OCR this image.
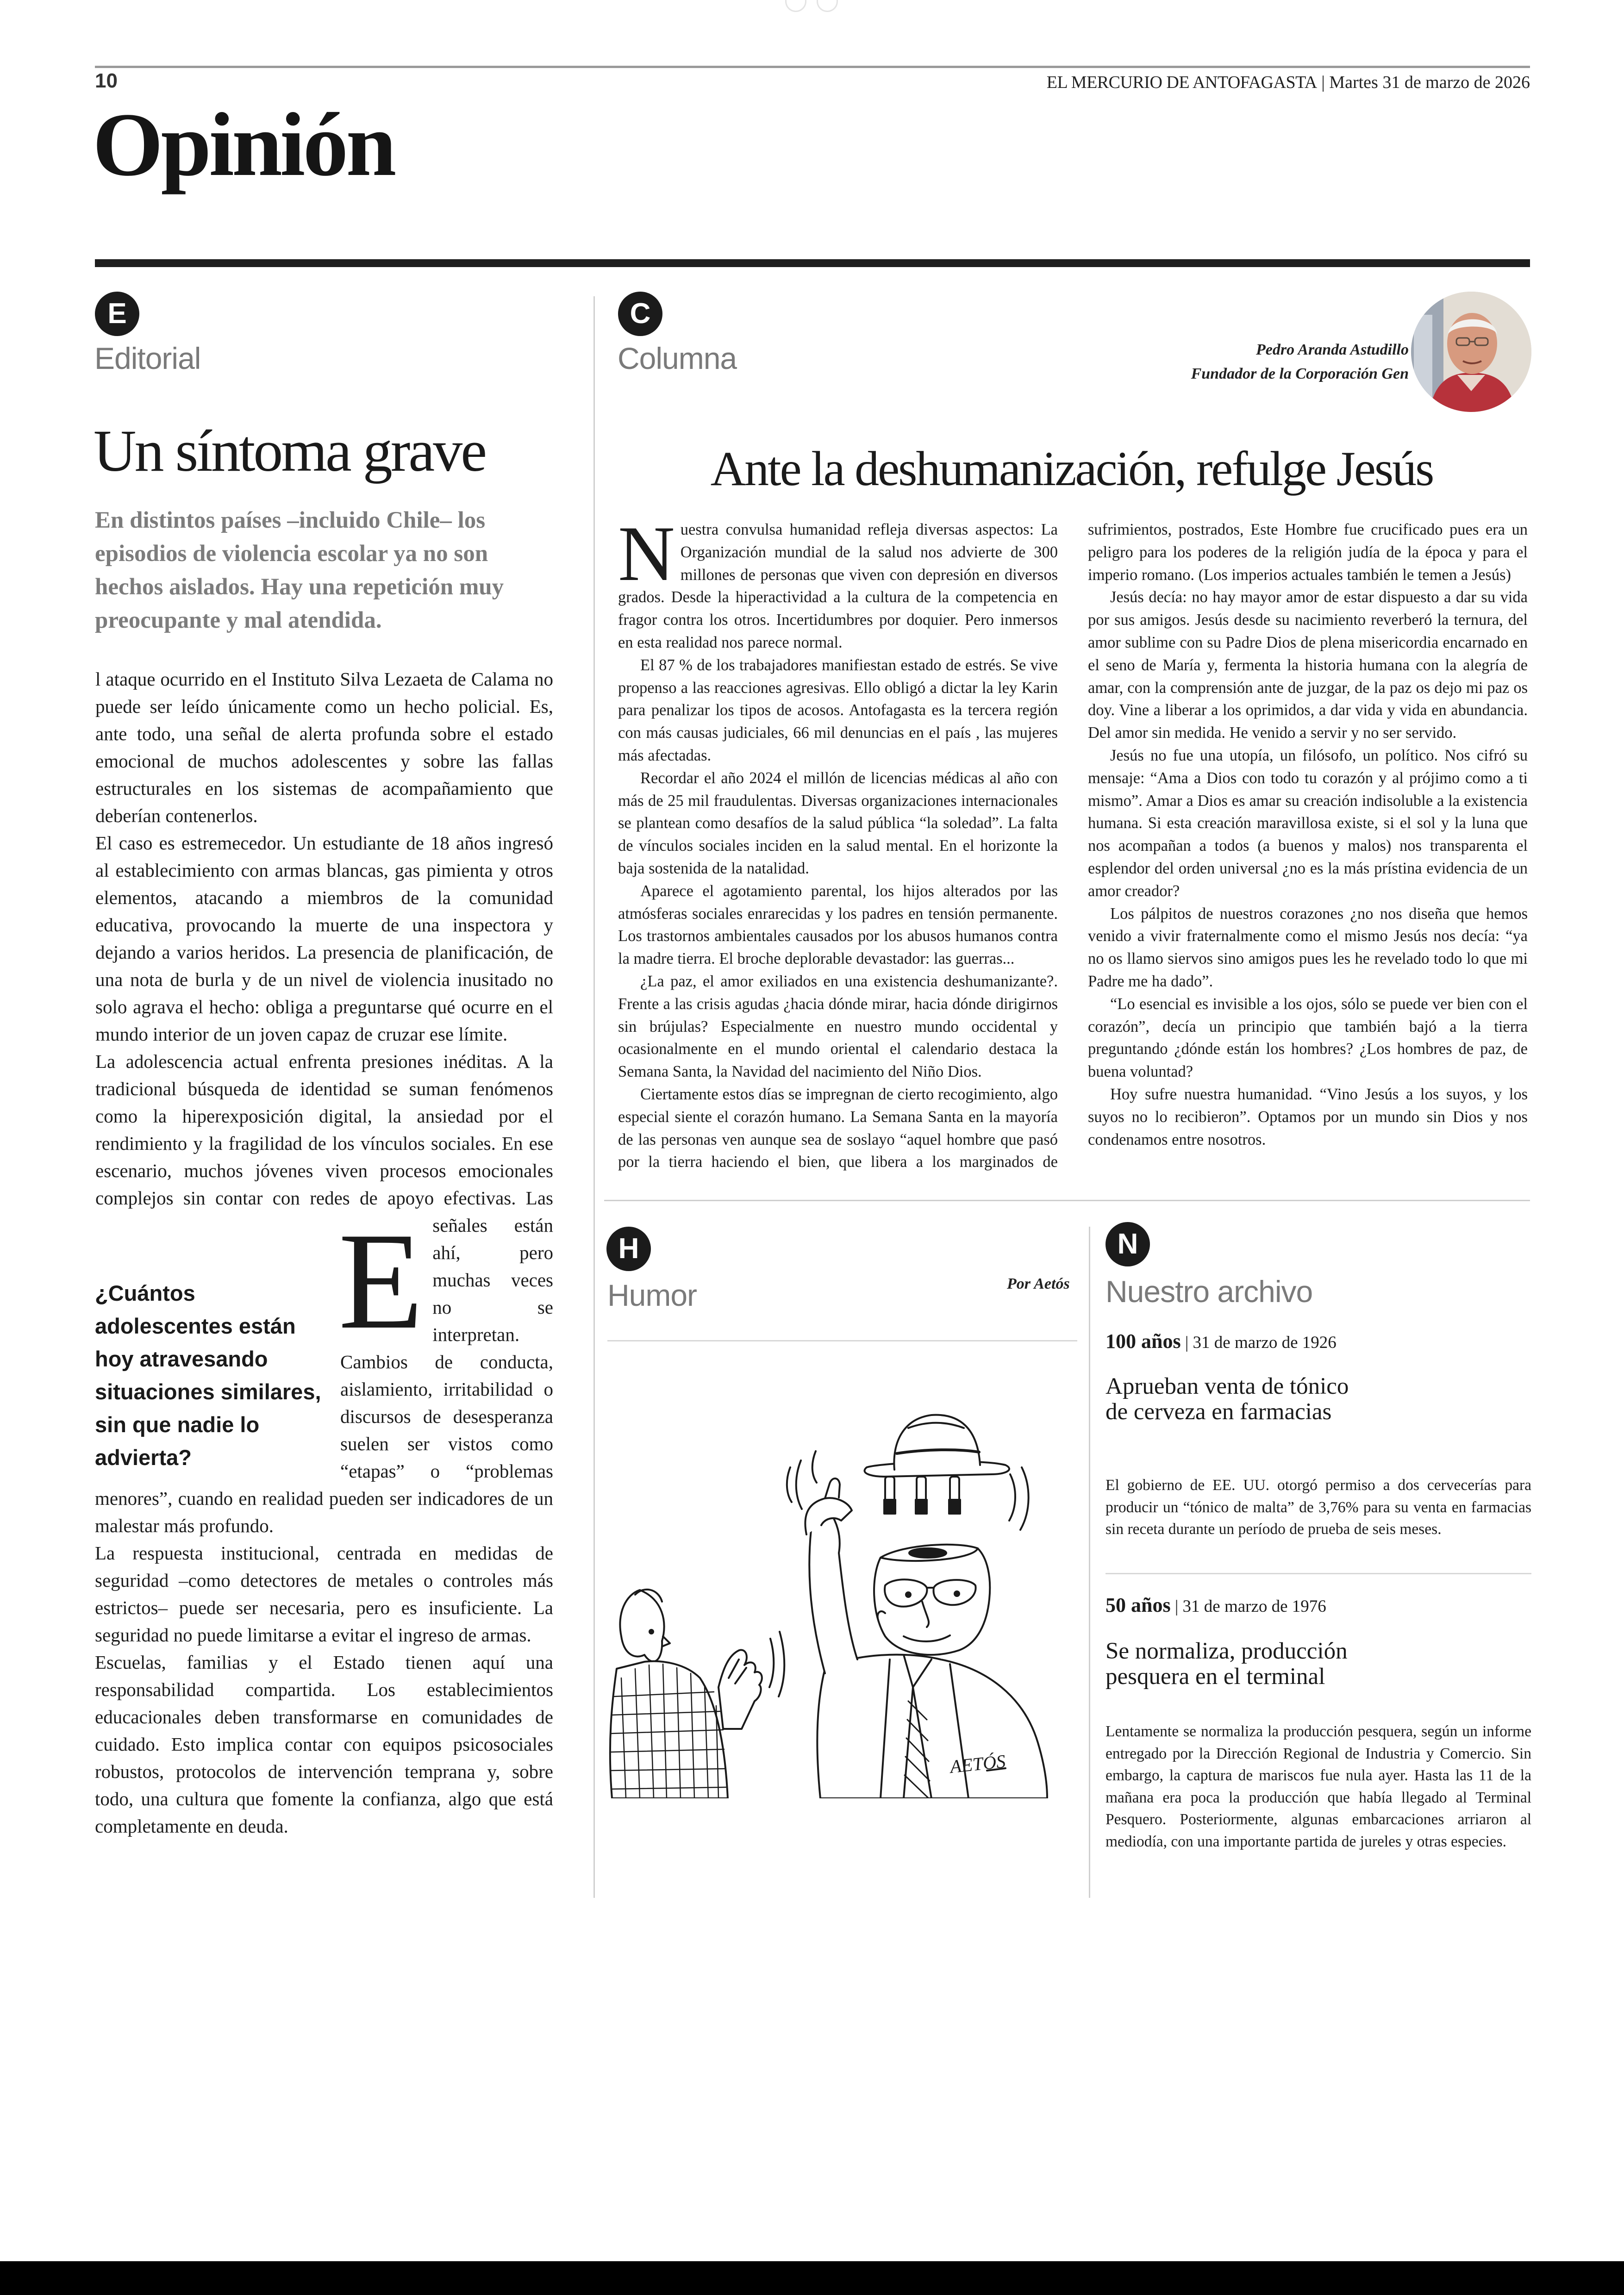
10	EL MERCURIO DE ANTOFAGASTA | Martes 31 de marzo de 2026
Opinión
E
Editorial
Un síntoma grave
En distintos países –incluido Chile– los episodios de violencia escolar ya no son hechos aislados. Hay una repetición muy preocupante y mal atendida.
¿Cuántos adolescentes están hoy atravesando situaciones similares, sin que nadie lo advierta?

E
l ataque ocurrido en el Instituto Silva Lezaeta de Calama no puede ser leído únicamente como un hecho policial. Es, ante todo, una señal de alerta profunda sobre el estado emocional de muchos adolescentes y sobre las fallas estructurales en los sistemas de acompañamiento que deberían contenerlos.

El caso es estremecedor. Un estudiante de 18 años ingresó al establecimiento con armas blancas, gas pimienta y otros elementos, atacando a miembros de la comunidad educativa, provocando la muerte de una inspectora y dejando a varios heridos. La presencia de planificación, de una nota de burla y de un nivel de violencia inusitado no solo agrava el hecho: obliga a preguntarse qué ocurre en el mundo interior de un joven capaz de cruzar ese límite.

La adolescencia actual enfrenta presiones inéditas. A la tradicional búsqueda de identidad se suman fenómenos como la hiperexposición digital, la ansiedad por el rendimiento y la fragilidad de los vínculos sociales. En ese escenario, muchos jóvenes viven procesos emocionales complejos sin contar con redes de apoyo efectivas. Las señales están ahí, pero muchas veces no se interpretan. Cambios de conducta, aislamiento, irritabilidad o discursos de desesperanza suelen ser vistos como “etapas” o “problemas menores”, cuando en realidad pueden ser indicadores de un malestar más profundo.

La respuesta institucional, centrada en medidas de seguridad –como detectores de metales o controles más estrictos– puede ser necesaria, pero es insuficiente. La seguridad no puede limitarse a evitar el ingreso de armas.

Escuelas, familias y el Estado tienen aquí una responsabilidad compartida. Los establecimientos educacionales deben transformarse en comunidades de cuidado. Esto implica contar con equipos psicosociales robustos, protocolos de intervención temprana y, sobre todo, una cultura que fomente la confianza, algo que está completamente en deuda.

C
Columna	Pedro Aranda Astudillo
Fundador de la Corporación Gen
Ante la deshumanización, refulge Jesús

Nuestra convulsa humanidad refleja diversas aspectos: La Organización mundial de la salud nos advierte de 300 millones de personas que viven con depresión en diversos grados. Desde la hiperactividad a la cultura de la competencia en fragor contra los otros. Incertidumbres por doquier. Pero inmersos en esta realidad nos parece normal.

El 87 % de los trabajadores manifiestan estado de estrés. Se vive propenso a las reacciones agresivas. Ello obligó a dictar la ley Karin para penalizar los tipos de acosos. Antofagasta es la tercera región con más causas judiciales, 66 mil denuncias en el país , las mujeres más afectadas.

Recordar el año 2024 el millón de licencias médicas al año con más de 25 mil fraudulentas. Diversas organizaciones internacionales se plantean como desafíos de la salud pública “la soledad”. La falta de vínculos sociales inciden en la salud mental. En el horizonte la baja sostenida de la natalidad.

Aparece el agotamiento parental, los hijos alterados por las atmósferas sociales enrarecidas y los padres en tensión permanente. Los trastornos ambientales causados por los abusos humanos contra la madre tierra. El broche deplorable devastador: las guerras...

¿La paz, el amor exiliados en una existencia deshumanizante?. Frente a las crisis agudas ¿hacia dónde mirar, hacia dónde dirigirnos sin brújulas? Especialmente en nuestro mundo occidental y ocasionalmente en el mundo oriental el calendario destaca la Semana Santa, la Navidad del nacimiento del Niño Dios.

Ciertamente estos días se impregnan de cierto recogimiento, algo especial siente el corazón humano. La Semana Santa en la mayoría de las personas ven aunque sea de soslayo “aquel hombre que pasó por la tierra haciendo el bien, que libera a los marginados de sufrimientos, postrados, Este Hombre fue crucificado pues era un peligro para los poderes de la religión judía de la época y para el imperio romano. (Los imperios actuales también le temen a Jesús)

Jesús decía: no hay mayor amor de estar dispuesto a dar su vida por sus amigos. Jesús desde su nacimiento reverberó la ternura, del amor sublime con su Padre Dios de plena misericordia encarnado en el seno de María y, fermenta la historia humana con la alegría de amar, con la comprensión ante de juzgar, de la paz os dejo mi paz os doy. Vine a liberar a los oprimidos, a dar vida y vida en abundancia. Del amor sin medida. He venido a servir y no ser servido.

Jesús no fue una utopía, un filósofo, un político. Nos cifró su mensaje: “Ama a Dios con todo tu corazón y al prójimo como a ti mismo”. Amar a Dios es amar su creación indisoluble a la existencia humana. Si esta creación maravillosa existe, si el sol y la luna que nos acompañan a todos (a buenos y malos) nos transparenta el esplendor del orden universal ¿no es la más prístina evidencia de un amor creador?

Los pálpitos de nuestros corazones ¿no nos diseña que hemos venido a vivir fraternalmente como el mismo Jesús nos decía: “ya no os llamo siervos sino amigos pues les he revelado todo lo que mi Padre me ha dado”.

“Lo esencial es invisible a los ojos, sólo se puede ver bien con el corazón”, decía un principio que también bajó a la tierra preguntando ¿dónde están los hombres? ¿Los hombres de paz, de buena voluntad?

Hoy sufre nuestra humanidad. “Vino Jesús a los suyos, y los suyos no lo recibieron”. Optamos por un mundo sin Dios y nos condenamos entre nosotros.

H
Humor	Por Aetós
AETÓS
N
Nuestro archivo
100 años | 31 de marzo de 1926
Aprueban venta de tónico
de cerveza en farmacias
El gobierno de EE. UU. otorgó permiso a dos cervecerías para producir un “tónico de malta” de 3,76% para su venta en farmacias sin receta durante un período de prueba de seis meses.
50 años | 31 de marzo de 1976
Se normaliza, producción
pesquera en el terminal
Lentamente se normaliza la producción pesquera, según un informe entregado por la Dirección Regional de Industria y Comercio. Sin embargo, la captura de mariscos fue nula ayer. Hasta las 11 de la mañana era poca la producción que había llegado al Terminal Pesquero. Posteriormente, algunas embarcaciones arriaron al mediodía, con una importante partida de jureles y otras especies.
